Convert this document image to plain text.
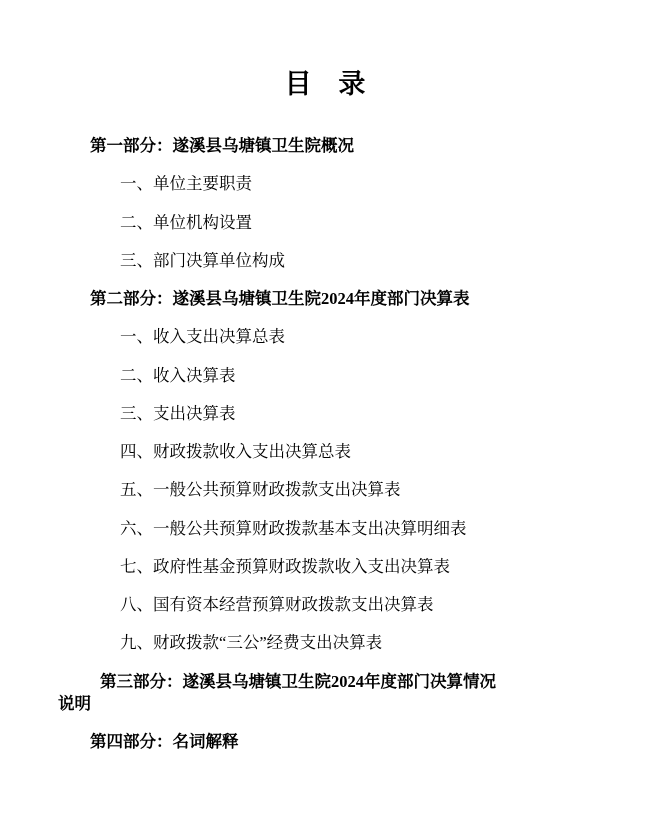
目 录
第一部分：遂溪县乌塘镇卫生院概况
一、单位主要职责
二、单位机构设置
三、部门决算单位构成
第二部分：遂溪县乌塘镇卫生院2024年度部门决算表
一、收入支出决算总表
二、收入决算表
三、支出决算表
四、财政拨款收入支出决算总表
五、一般公共预算财政拨款支出决算表
六、一般公共预算财政拨款基本支出决算明细表
七、政府性基金预算财政拨款收入支出决算表
八、国有资本经营预算财政拨款支出决算表
九、财政拨款“三公”经费支出决算表
第三部分：遂溪县乌塘镇卫生院2024年度部门决算情况
说明
第四部分：名词解释
